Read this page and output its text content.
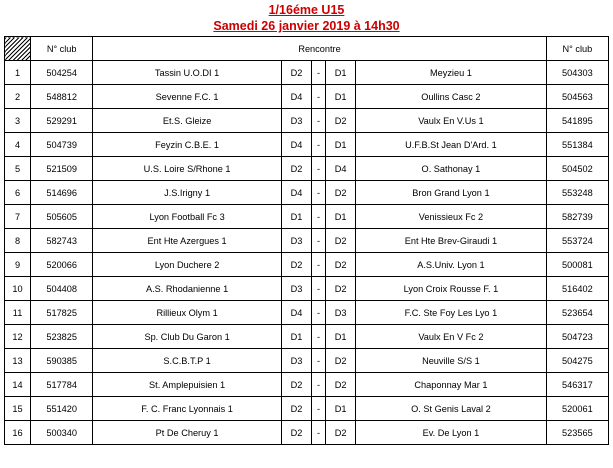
1/16éme U15
Samedi 26 janvier 2019 à 14h30
	N° club	Rencontre					N° club
1	504254	Tassin U.O.DI 1	D2	-	D1	Meyzieu 1	504303
2	548812	Sevenne F.C. 1	D4	-	D1	Oullins Casc 2	504563
3	529291	Et.S. Gleize	D3	-	D2	Vaulx En V.Us 1	541895
4	504739	Feyzin C.B.E. 1	D4	-	D1	U.F.B.St Jean D'Ard. 1	551384
5	521509	U.S. Loire S/Rhone 1	D2	-	D4	O. Sathonay 1	504502
6	514696	J.S.Irigny 1	D4	-	D2	Bron Grand Lyon 1	553248
7	505605	Lyon Football Fc 3	D1	-	D1	Venissieux Fc 2	582739
8	582743	Ent Hte Azergues 1	D3	-	D2	Ent Hte Brev-Giraudi 1	553724
9	520066	Lyon Duchere 2	D2	-	D2	A.S.Univ. Lyon 1	500081
10	504408	A.S. Rhodanienne 1	D3	-	D2	Lyon Croix Rousse F. 1	516402
11	517825	Rillieux Olym 1	D4	-	D3	F.C. Ste Foy Les Lyo 1	523654
12	523825	Sp. Club Du Garon 1	D1	-	D1	Vaulx En V Fc 2	504723
13	590385	S.C.B.T.P 1	D3	-	D2	Neuville S/S 1	504275
14	517784	St. Amplepuisien 1	D2	-	D2	Chaponnay Mar 1	546317
15	551420	F. C. Franc Lyonnais 1	D2	-	D1	O. St Genis Laval 2	520061
16	500340	Pt De Cheruy 1	D2	-	D2	Ev. De Lyon 1	523565
